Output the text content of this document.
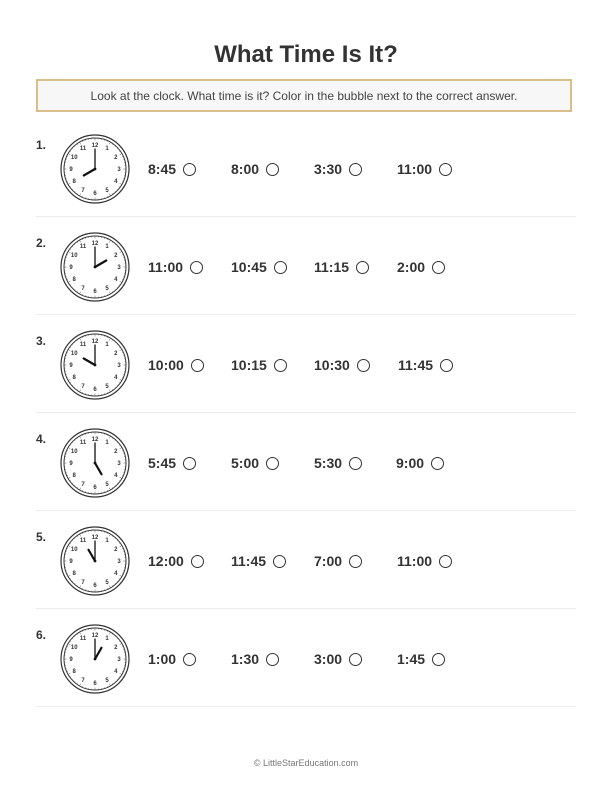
What Time Is It?
Look at the clock. What time is it? Color in the bubble next to the correct answer.
1.	12
1
2
3
4
5
6
7
8
9
10
11
8:45	8:00	3:30	11:00
2.	12
1
2
3
4
5
6
7
8
9
10
11
11:00	10:45	11:15	2:00
3.	12
1
2
3
4
5
6
7
8
9
10
11
10:00	10:15	10:30	11:45
4.	12
1
2
3
4
5
6
7
8
9
10
11
5:45	5:00	5:30	9:00
5.	12
1
2
3
4
5
6
7
8
9
10
11
12:00	11:45	7:00	11:00
6.	12
1
2
3
4
5
6
7
8
9
10
11
1:00	1:30	3:00	1:45
© LittleStarEducation.com
